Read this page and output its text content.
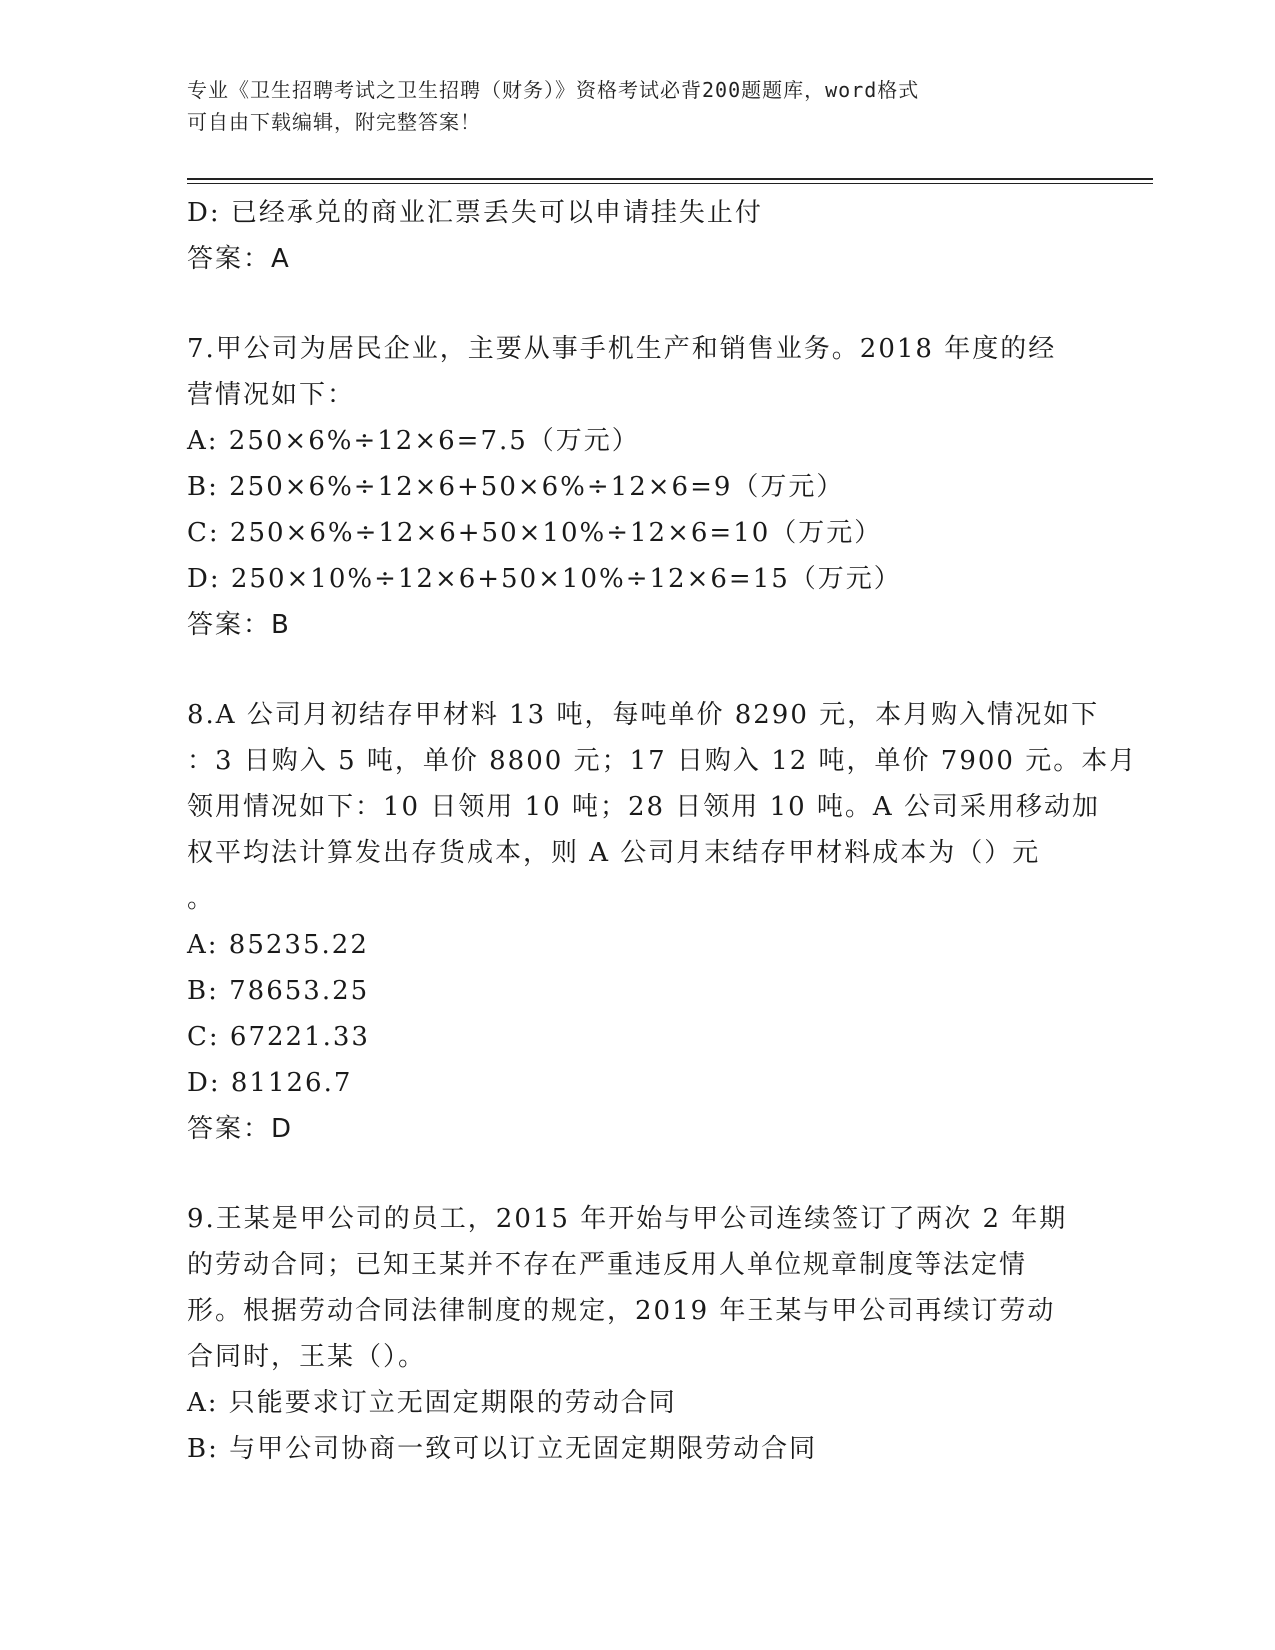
专业《卫生招聘考试之卫生招聘（财务）》资格考试必背200题题库，word格式
可自由下载编辑，附完整答案！
D: 已经承兑的商业汇票丢失可以申请挂失止付
答案：A
7.甲公司为居民企业，主要从事手机生产和销售业务。2018 年度的经
营情况如下：
A: 250×6%÷12×6=7.5（万元）
B: 250×6%÷12×6+50×6%÷12×6=9（万元）
C: 250×6%÷12×6+50×10%÷12×6=10（万元）
D: 250×10%÷12×6+50×10%÷12×6=15（万元）
答案：B
8.A 公司月初结存甲材料 13 吨，每吨单价 8290 元，本月购入情况如下
：3 日购入 5 吨，单价 8800 元；17 日购入 12 吨，单价 7900 元。本月
领用情况如下：10 日领用 10 吨；28 日领用 10 吨。A 公司采用移动加
权平均法计算发出存货成本，则 A 公司月末结存甲材料成本为（）元
。
A: 85235.22
B: 78653.25
C: 67221.33
D: 81126.7
答案：D
9.王某是甲公司的员工，2015 年开始与甲公司连续签订了两次 2 年期
的劳动合同；已知王某并不存在严重违反用人单位规章制度等法定情
形。根据劳动合同法律制度的规定，2019 年王某与甲公司再续订劳动
合同时，王某（）。
A: 只能要求订立无固定期限的劳动合同
B: 与甲公司协商一致可以订立无固定期限劳动合同
